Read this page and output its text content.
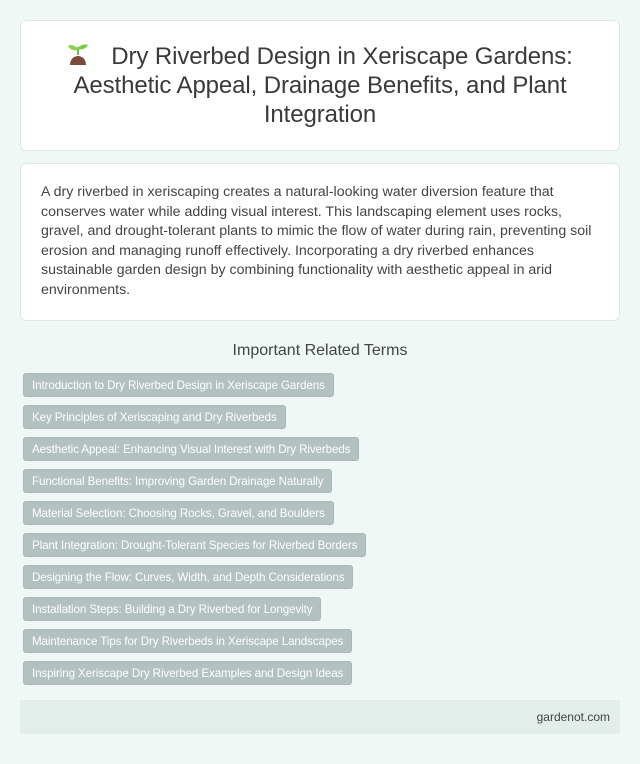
Dry Riverbed Design in Xeriscape Gardens: Aesthetic Appeal, Drainage Benefits, and Plant Integration

A dry riverbed in xeriscaping creates a natural-looking water diversion feature that conserves water while adding visual interest. This landscaping element uses rocks, gravel, and drought-tolerant plants to mimic the flow of water during rain, preventing soil erosion and managing runoff effectively. Incorporating a dry riverbed enhances sustainable garden design by combining functionality with aesthetic appeal in arid environments.

Important Related Terms
Introduction to Dry Riverbed Design in Xeriscape Gardens
Key Principles of Xeriscaping and Dry Riverbeds
Aesthetic Appeal: Enhancing Visual Interest with Dry Riverbeds
Functional Benefits: Improving Garden Drainage Naturally
Material Selection: Choosing Rocks, Gravel, and Boulders
Plant Integration: Drought-Tolerant Species for Riverbed Borders
Designing the Flow: Curves, Width, and Depth Considerations
Installation Steps: Building a Dry Riverbed for Longevity
Maintenance Tips for Dry Riverbeds in Xeriscape Landscapes
Inspiring Xeriscape Dry Riverbed Examples and Design Ideas
gardenot.com
